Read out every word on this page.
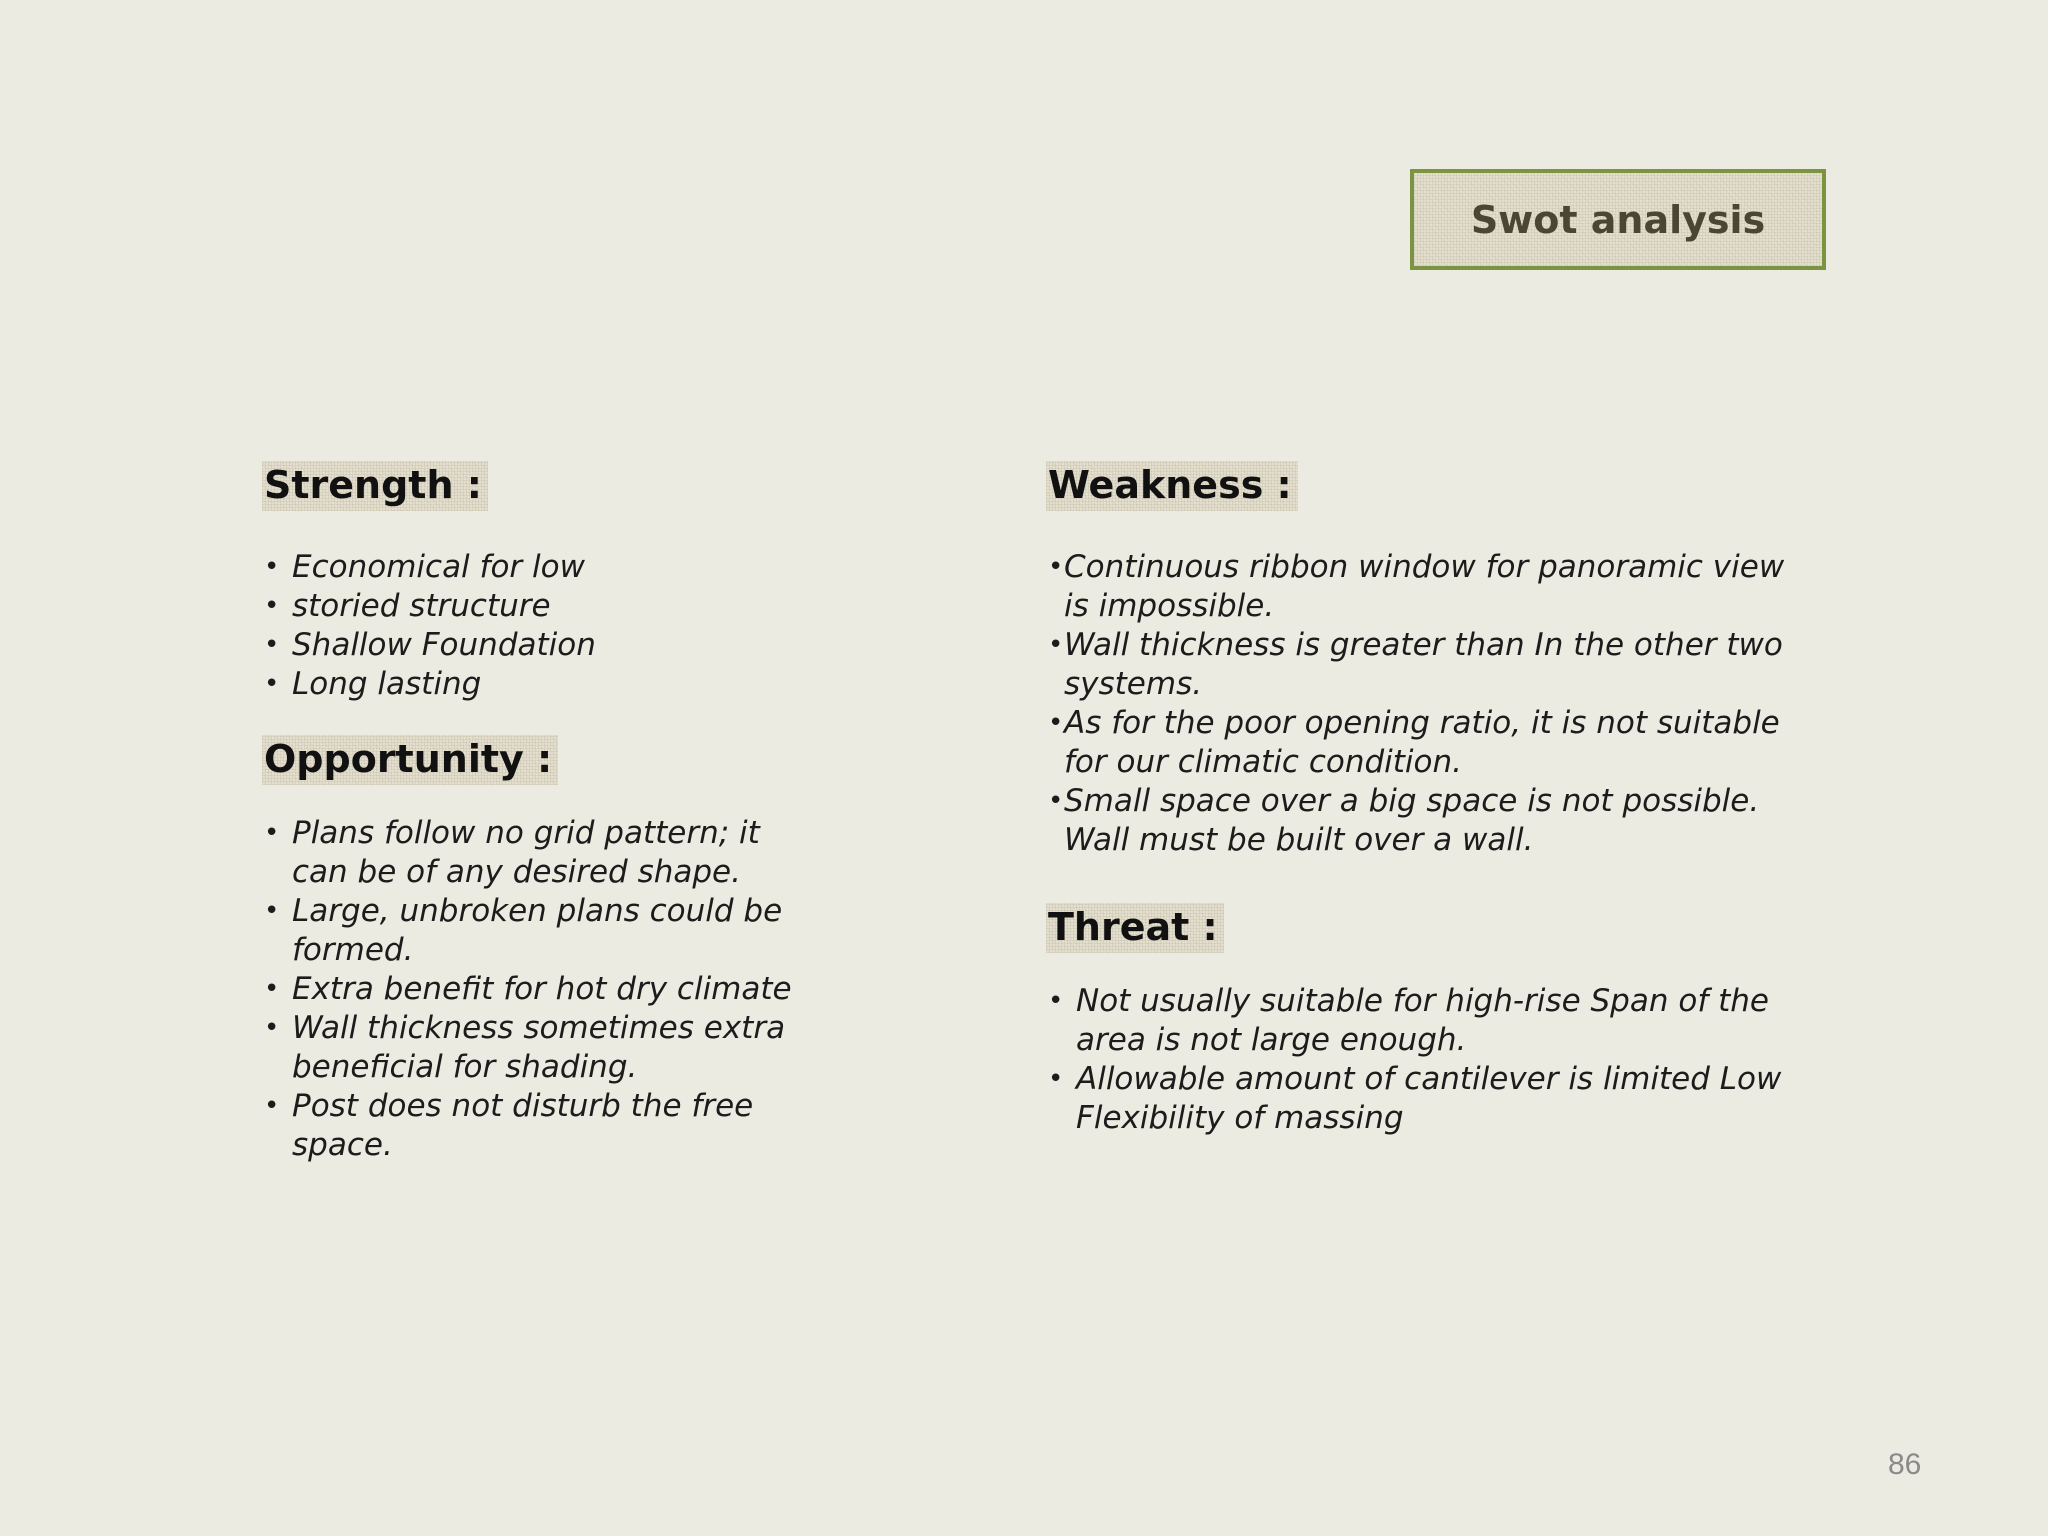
Swot analysis
Strength :
• Economical for low
• storied structure
• Shallow Foundation
• Long lasting
Opportunity :
• Plans follow no grid pattern; it can be of any desired shape.
• Large, unbroken plans could be formed.
• Extra benefit for hot dry climate
• Wall thickness sometimes extra beneficial for shading.
• Post does not disturb the free space.
Weakness :
• Continuous ribbon window for panoramic view is impossible.
• Wall thickness is greater than In the other two systems.
• As for the poor opening ratio, it is not suitable for our climatic condition.
• Small space over a big space is not possible. Wall must be built over a wall.
Threat :
• Not usually suitable for high-rise Span of the area is not large enough.
• Allowable amount of cantilever is limited Low Flexibility of massing
86
